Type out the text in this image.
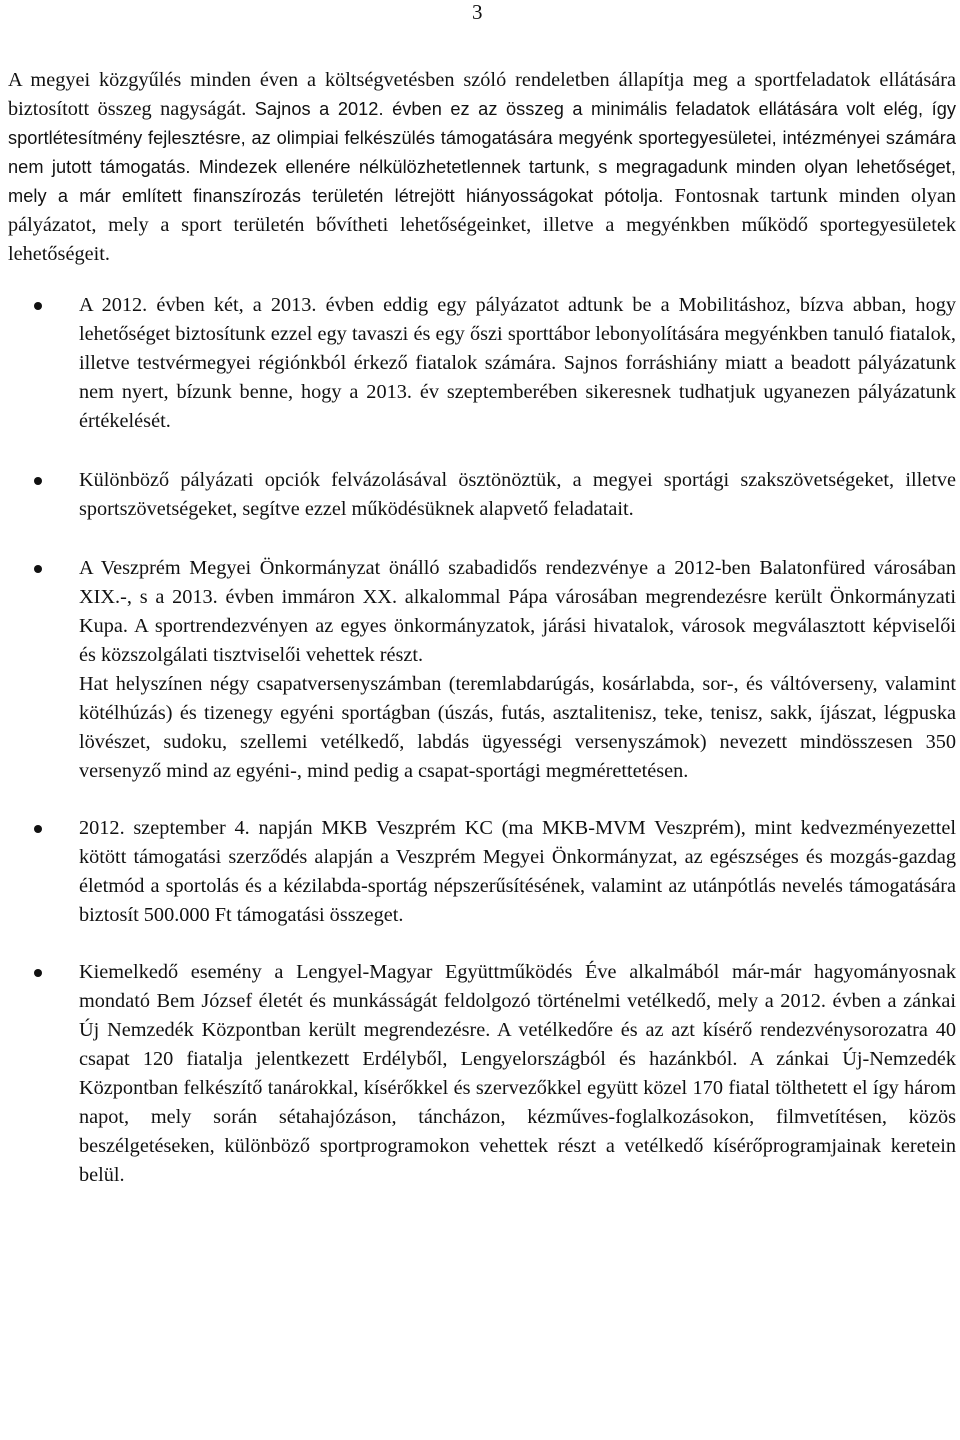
3

A megyei közgyűlés minden éven a költségvetésben szóló rendeletben állapítja meg a sportfeladatok ellátására biztosított összeg nagyságát. Sajnos a 2012. évben ez az összeg a minimális feladatok ellátására volt elég, így sportlétesítmény fejlesztésre, az olimpiai felkészülés támogatására megyénk sportegyesületei, intézményei számára nem jutott támogatás. Mindezek ellenére nélkülözhetetlennek tartunk, s megragadunk minden olyan lehetőséget, mely a már említett finanszírozás területén létrejött hiányosságokat pótolja. Fontosnak tartunk minden olyan pályázatot, mely a sport területén bővítheti lehetőségeinket, illetve a megyénkben működő sportegyesületek lehetőségeit.

A 2012. évben két, a 2013. évben eddig egy pályázatot adtunk be a Mobilitáshoz, bízva abban, hogy lehetőséget biztosítunk ezzel egy tavaszi és egy őszi sporttábor lebonyolítására megyénkben tanuló fiatalok, illetve testvérmegyei régiónkból érkező fiatalok számára. Sajnos forráshiány miatt a beadott pályázatunk nem nyert, bízunk benne, hogy a 2013. év szeptemberében sikeresnek tudhatjuk ugyanezen pályázatunk értékelését.

Különböző pályázati opciók felvázolásával ösztönöztük, a megyei sportági szakszövetségeket, illetve sportszövetségeket, segítve ezzel működésüknek alapvető feladatait.

A Veszprém Megyei Önkormányzat önálló szabadidős rendezvénye a 2012-ben Balatonfüred városában XIX.-, s a 2013. évben immáron XX. alkalommal Pápa városában megrendezésre került Önkormányzati Kupa. A sportrendezvényen az egyes önkormányzatok, járási hivatalok, városok megválasztott képviselői és közszolgálati tisztviselői vehettek részt.

Hat helyszínen négy csapatversenyszámban (teremlabdarúgás, kosárlabda, sor-, és váltóverseny, valamint kötélhúzás) és tizenegy egyéni sportágban (úszás, futás, asztalitenisz, teke, tenisz, sakk, íjászat, légpuska lövészet, sudoku, szellemi vetélkedő, labdás ügyességi versenyszámok) nevezett mindösszesen 350 versenyző mind az egyéni-, mind pedig a csapat-sportági megmérettetésen.

2012. szeptember 4. napján MKB Veszprém KC (ma MKB-MVM Veszprém), mint kedvezményezettel kötött támogatási szerződés alapján a Veszprém Megyei Önkormányzat, az egészséges és mozgás-gazdag életmód a sportolás és a kézilabda-sportág népszerűsítésének, valamint az utánpótlás nevelés támogatására biztosít 500.000 Ft támogatási összeget.

Kiemelkedő esemény a Lengyel-Magyar Együttműködés Éve alkalmából már-már hagyományosnak mondató Bem József életét és munkásságát feldolgozó történelmi vetélkedő, mely a 2012. évben a zánkai Új Nemzedék Központban került megrendezésre. A vetélkedőre és az azt kísérő rendezvénysorozatra 40 csapat 120 fiatalja jelentkezett Erdélyből, Lengyelországból és hazánkból. A zánkai Új-Nemzedék Központban felkészítő tanárokkal, kísérőkkel és szervezőkkel együtt közel 170 fiatal tölthetett el így három napot, mely során sétahajózáson, táncházon, kézműves-foglalkozásokon, filmvetítésen, közös beszélgetéseken, különböző sportprogramokon vehettek részt a vetélkedő kísérőprogramjainak keretein belül.
